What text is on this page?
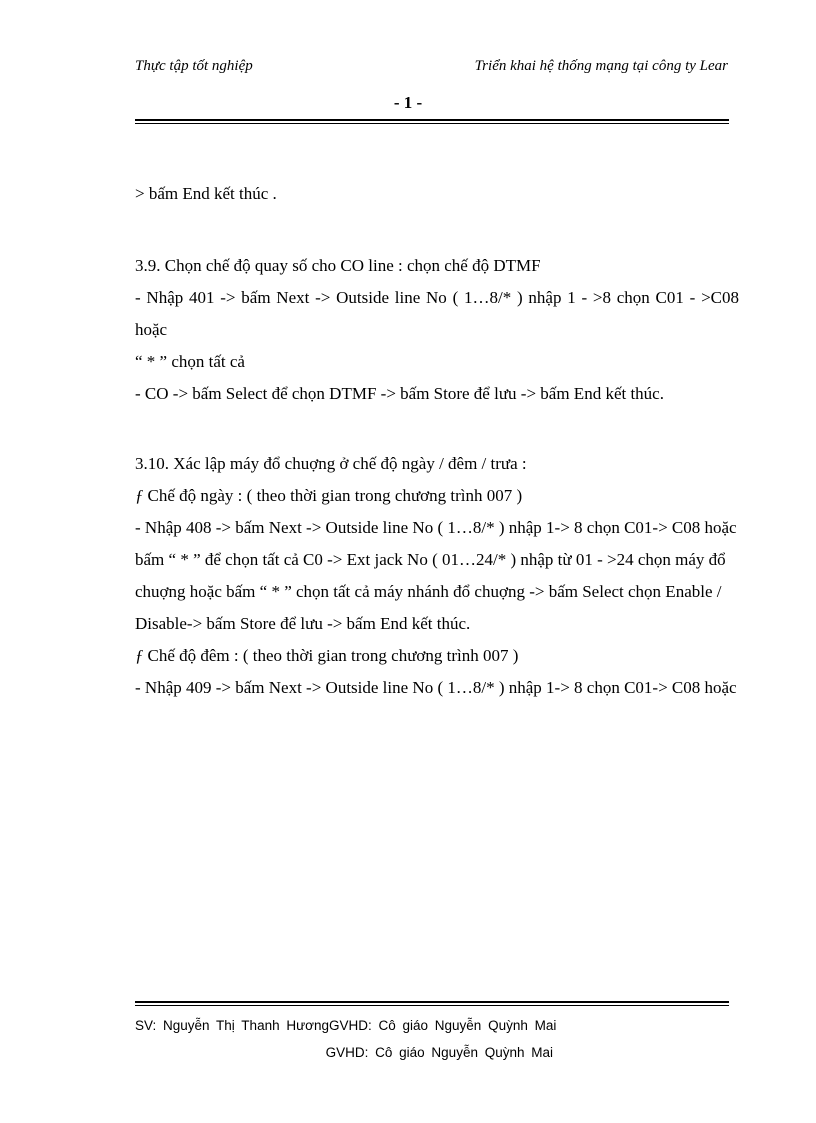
Thực tập tốt nghiệp	Triển khai hệ thống mạng tại công ty Lear
- 1 -

> bấm End kết thúc .

3.9. Chọn chế độ quay số cho CO line : chọn chế độ DTMF

- Nhập 401 -> bấm Next -> Outside line No ( 1…8/* ) nhập 1 - >8 chọn C01 - >C08 hoặc

“ * ” chọn tất cả

- CO -> bấm Select để chọn DTMF -> bấm Store để lưu -> bấm End kết thúc.

3.10. Xác lập máy đổ chuợng ở chế độ ngày / đêm / trưa :

ƒ Chế độ ngày : ( theo thời gian trong chương trình 007 )

- Nhập 408 -> bấm Next -> Outside line No ( 1…8/* ) nhập 1-> 8 chọn C01-> C08 hoặc

bấm “ * ” để chọn tất cả C0 -> Ext jack No ( 01…24/* ) nhập từ 01 - >24 chọn máy đổ

chuợng hoặc bấm “ * ” chọn tất cả máy nhánh đổ chuợng -> bấm Select chọn Enable /

Disable-> bấm Store để lưu -> bấm End kết thúc.

ƒ Chế độ đêm : ( theo thời gian trong chương trình 007 )

- Nhập 409 -> bấm Next -> Outside line No ( 1…8/* ) nhập 1-> 8 chọn C01-> C08 hoặc

SV: Nguyễn Thị Thanh HươngGVHD: Cô giáo Nguyễn Quỳnh Mai
GVHD: Cô giáo Nguyễn Quỳnh Mai
